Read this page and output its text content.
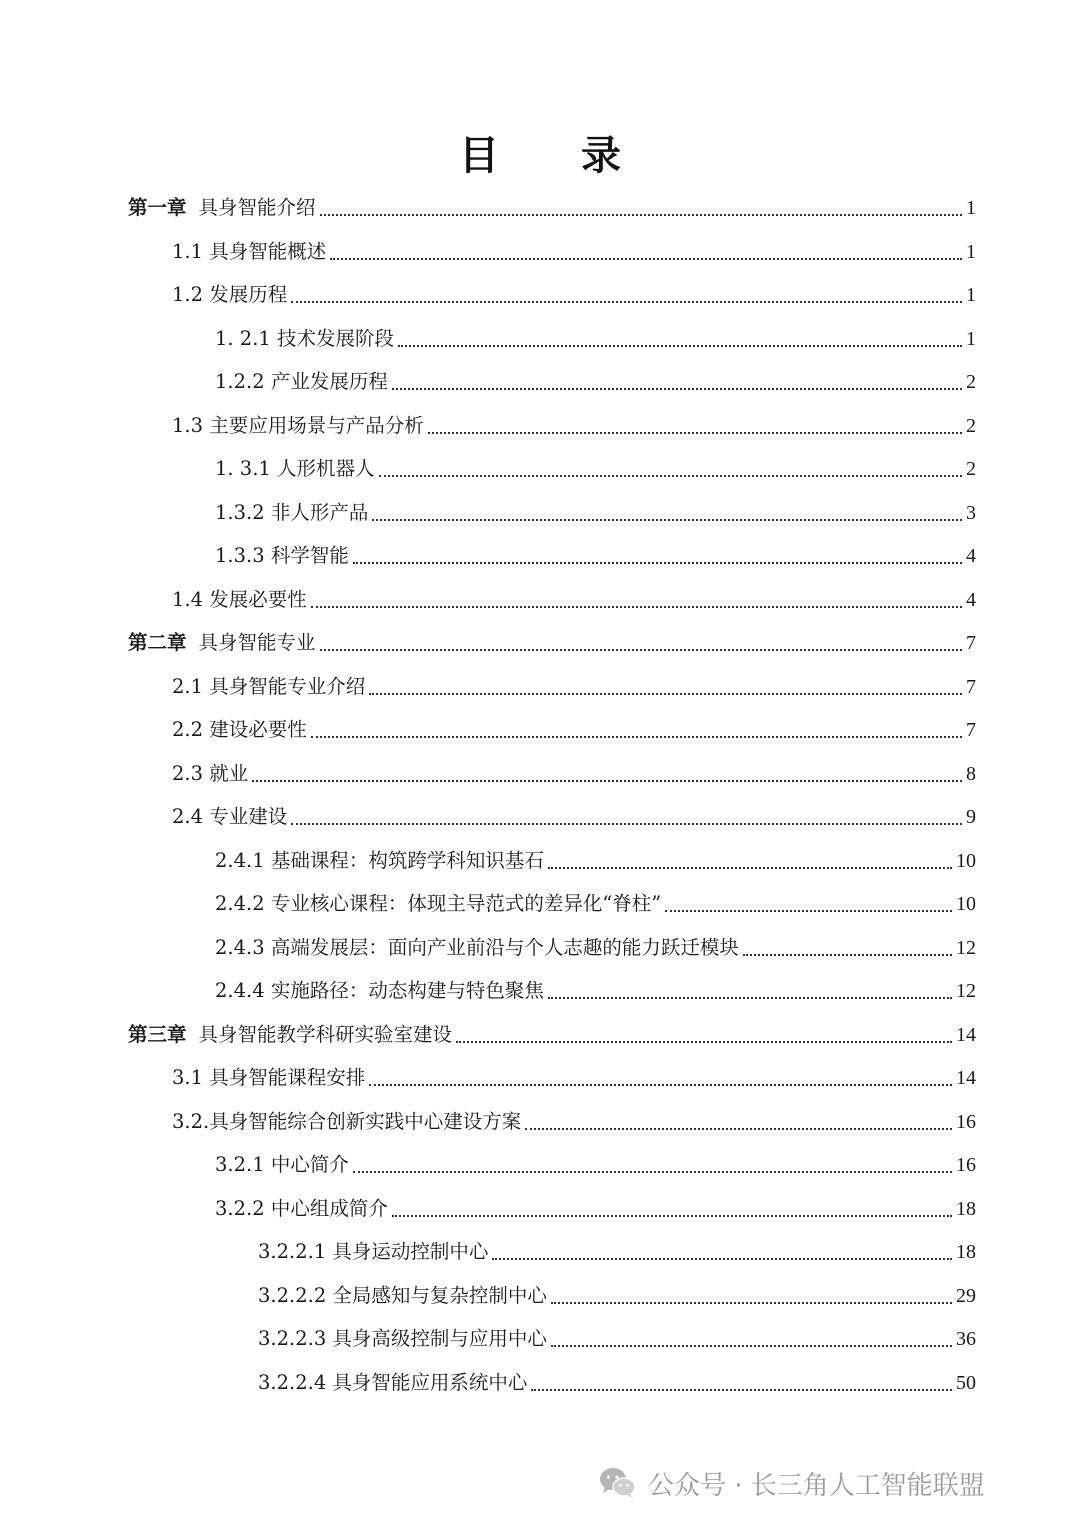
目 录
第一章 具身智能介绍	1
1.1 具身智能概述	1
1.2 发展历程	1
1. 2.1 技术发展阶段	1
1.2.2 产业发展历程	2
1.3 主要应用场景与产品分析	2
1. 3.1 人形机器人	2
1.3.2 非人形产品	3
1.3.3 科学智能	4
1.4 发展必要性	4
第二章 具身智能专业	7
2.1 具身智能专业介绍	7
2.2 建设必要性	7
2.3 就业	8
2.4 专业建设	9
2.4.1 基础课程：构筑跨学科知识基石	10
2.4.2 专业核心课程：体现主导范式的差异化“脊柱”	10
2.4.3 高端发展层：面向产业前沿与个人志趣的能力跃迁模块	12
2.4.4 实施路径：动态构建与特色聚焦	12
第三章 具身智能教学科研实验室建设	14
3.1 具身智能课程安排	14
3.2.具身智能综合创新实践中心建设方案	16
3.2.1 中心简介	16
3.2.2 中心组成简介	18
3.2.2.1 具身运动控制中心	18
3.2.2.2 全局感知与复杂控制中心	29
3.2.2.3 具身高级控制与应用中心	36
3.2.2.4 具身智能应用系统中心	50
公众号 · 长三角人工智能联盟
